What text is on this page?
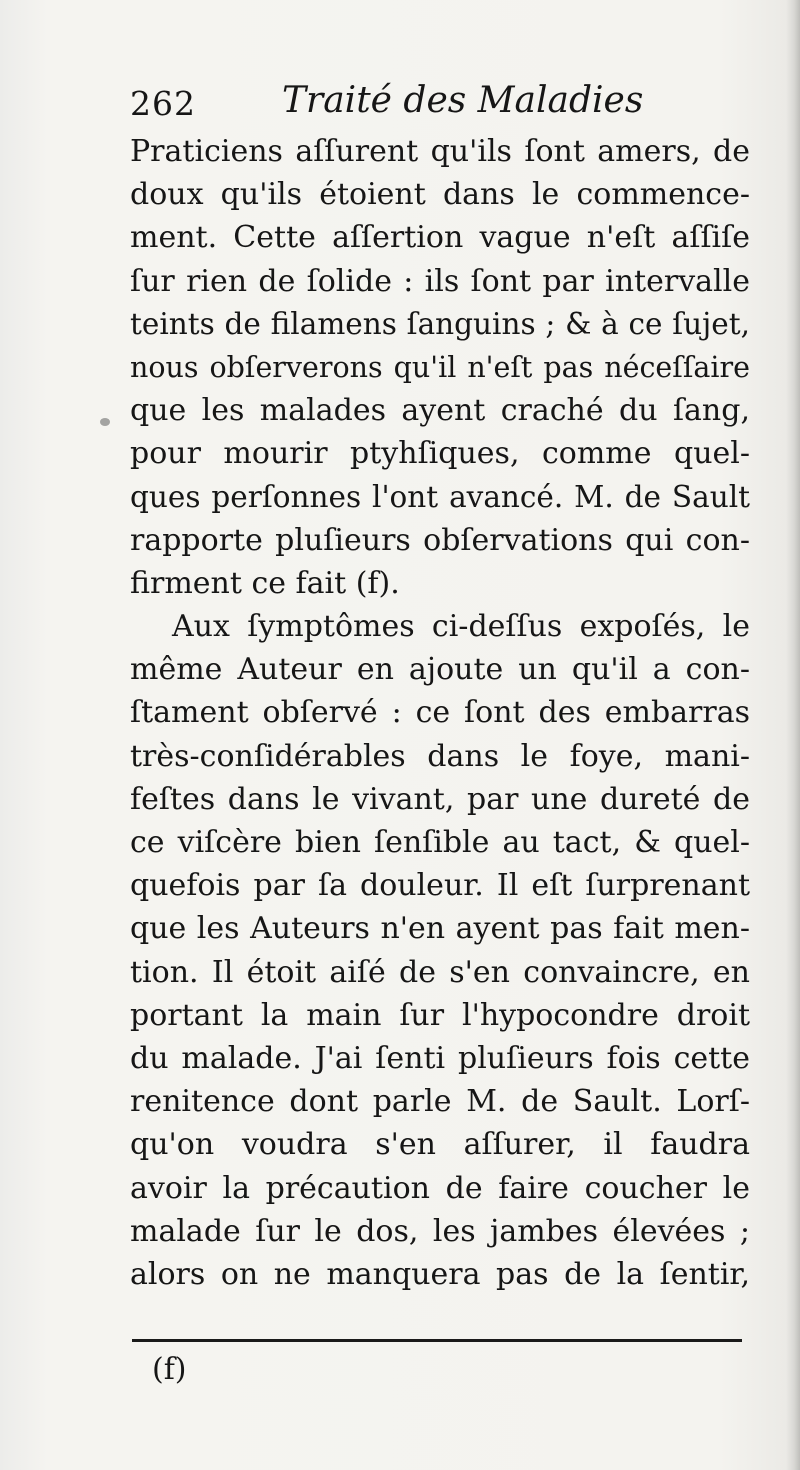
262 Traité des Maladies
Praticiens aſſurent qu'ils ſont amers, de
doux qu'ils étoient dans le commence-
ment. Cette aſſertion vague n'eſt aſſiſe
ſur rien de ſolide : ils ſont par intervalle
teints de filamens ſanguins ; & à ce ſujet,
nous obſerverons qu'il n'eſt pas néceſſaire
que les malades ayent craché du ſang,
pour mourir ptyhſiques, comme quel-
ques perſonnes l'ont avancé. M. de Sault
rapporte pluſieurs obſervations qui con-
firment ce fait (f).
Aux ſymptômes ci-deſſus expoſés, le
même Auteur en ajoute un qu'il a con-
ſtament obſervé : ce ſont des embarras
très-conſidérables dans le foye, mani-
feſtes dans le vivant, par une dureté de
ce viſcère bien ſenſible au tact, & quel-
quefois par ſa douleur. Il eſt ſurprenant
que les Auteurs n'en ayent pas fait men-
tion. Il étoit aiſé de s'en convaincre, en
portant la main ſur l'hypocondre droit
du malade. J'ai ſenti pluſieurs fois cette
renitence dont parle M. de Sault. Lorſ-
qu'on voudra s'en aſſurer, il faudra
avoir la précaution de faire coucher le
malade ſur le dos, les jambes élevées ;
alors on ne manquera pas de la ſentir,
(f)
